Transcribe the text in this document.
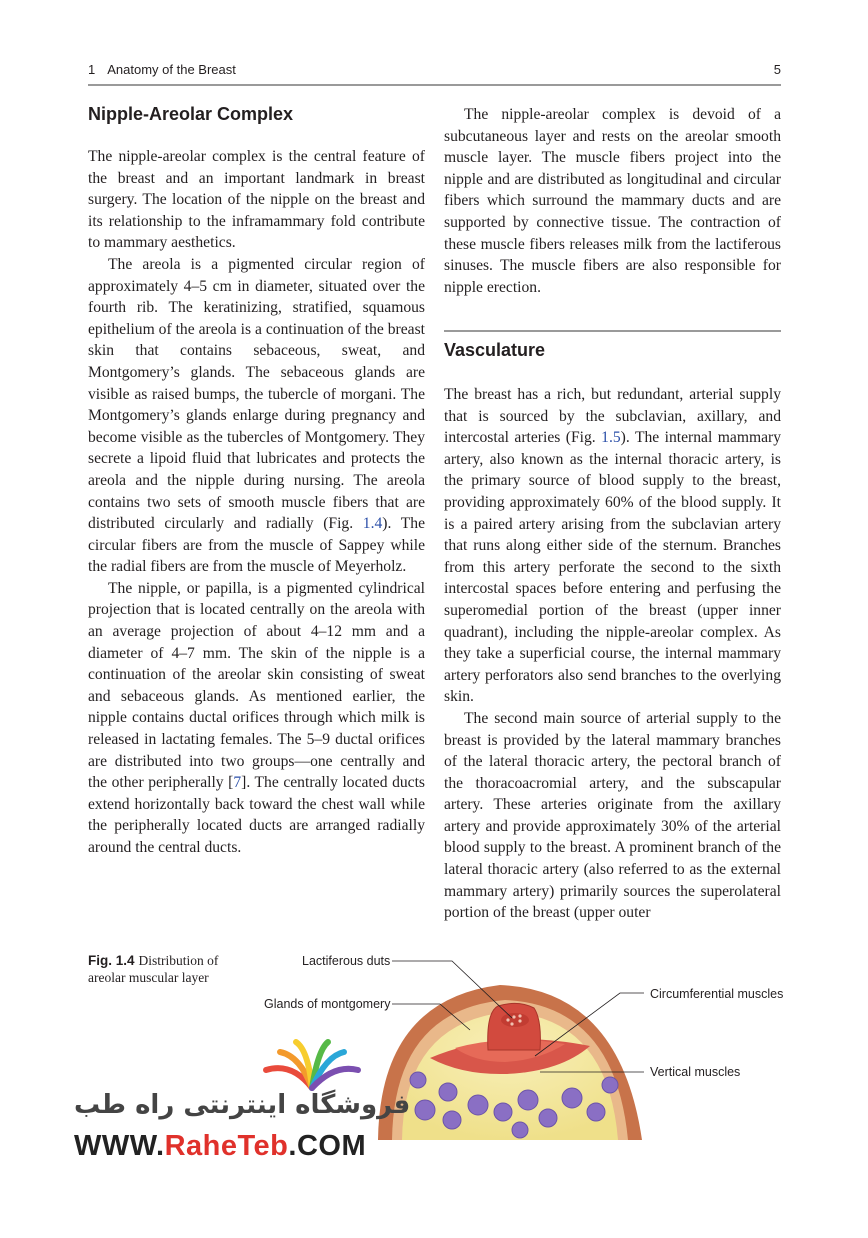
1 Anatomy of the Breast	5
Nipple-Areolar Complex

The nipple-areolar complex is the central feature of the breast and an important landmark in breast surgery. The location of the nipple on the breast and its relationship to the inframammary fold contribute to mammary aesthetics.

The areola is a pigmented circular region of approximately 4–5 cm in diameter, situated over the fourth rib. The keratinizing, stratified, squamous epithelium of the areola is a continuation of the breast skin that contains sebaceous, sweat, and Montgomery’s glands. The sebaceous glands are visible as raised bumps, the tubercle of morgani. The Montgomery’s glands enlarge during pregnancy and become visible as the tubercles of Montgomery. They secrete a lipoid fluid that lubricates and protects the areola and the nipple during nursing. The areola contains two sets of smooth muscle fibers that are distributed circularly and radially (Fig. 1.4). The circular fibers are from the muscle of Sappey while the radial fibers are from the muscle of Meyerholz.

The nipple, or papilla, is a pigmented cylindrical projection that is located centrally on the areola with an average projection of about 4–12 mm and a diameter of 4–7 mm. The skin of the nipple is a continuation of the areolar skin consisting of sweat and sebaceous glands. As mentioned earlier, the nipple contains ductal orifices through which milk is released in lactating females. The 5–9 ductal orifices are distributed into two groups—one centrally and the other peripherally [7]. The centrally located ducts extend horizontally back toward the chest wall while the peripherally located ducts are arranged radially around the central ducts.

The nipple-areolar complex is devoid of a subcutaneous layer and rests on the areolar smooth muscle layer. The muscle fibers project into the nipple and are distributed as longitudinal and circular fibers which surround the mammary ducts and are supported by connective tissue. The contraction of these muscle fibers releases milk from the lactiferous sinuses. The muscle fibers are also responsible for nipple erection.

Vasculature

The breast has a rich, but redundant, arterial supply that is sourced by the subclavian, axillary, and intercostal arteries (Fig. 1.5). The internal mammary artery, also known as the internal thoracic artery, is the primary source of blood supply to the breast, providing approximately 60% of the blood supply. It is a paired artery arising from the subclavian artery that runs along either side of the sternum. Branches from this artery perforate the second to the sixth intercostal spaces before entering and perfusing the superomedial portion of the breast (upper inner quadrant), including the nipple-areolar complex. As they take a superficial course, the internal mammary artery perforators also send branches to the overlying skin.

The second main source of arterial supply to the breast is provided by the lateral mammary branches of the lateral thoracic artery, the pectoral branch of the thoracoacromial artery, and the subscapular artery. These arteries originate from the axillary artery and provide approximately 30% of the arterial blood supply to the breast. A prominent branch of the lateral thoracic artery (also referred to as the external mammary artery) primarily sources the superolateral portion of the breast (upper outer

Fig. 1.4 Distribution of areolar muscular layer
Lactiferous duts
Glands of montgomery
Circumferential muscles
Vertical muscles
فروشگاه اینترنتی راه طب
WWW.RaheTeb.COM
